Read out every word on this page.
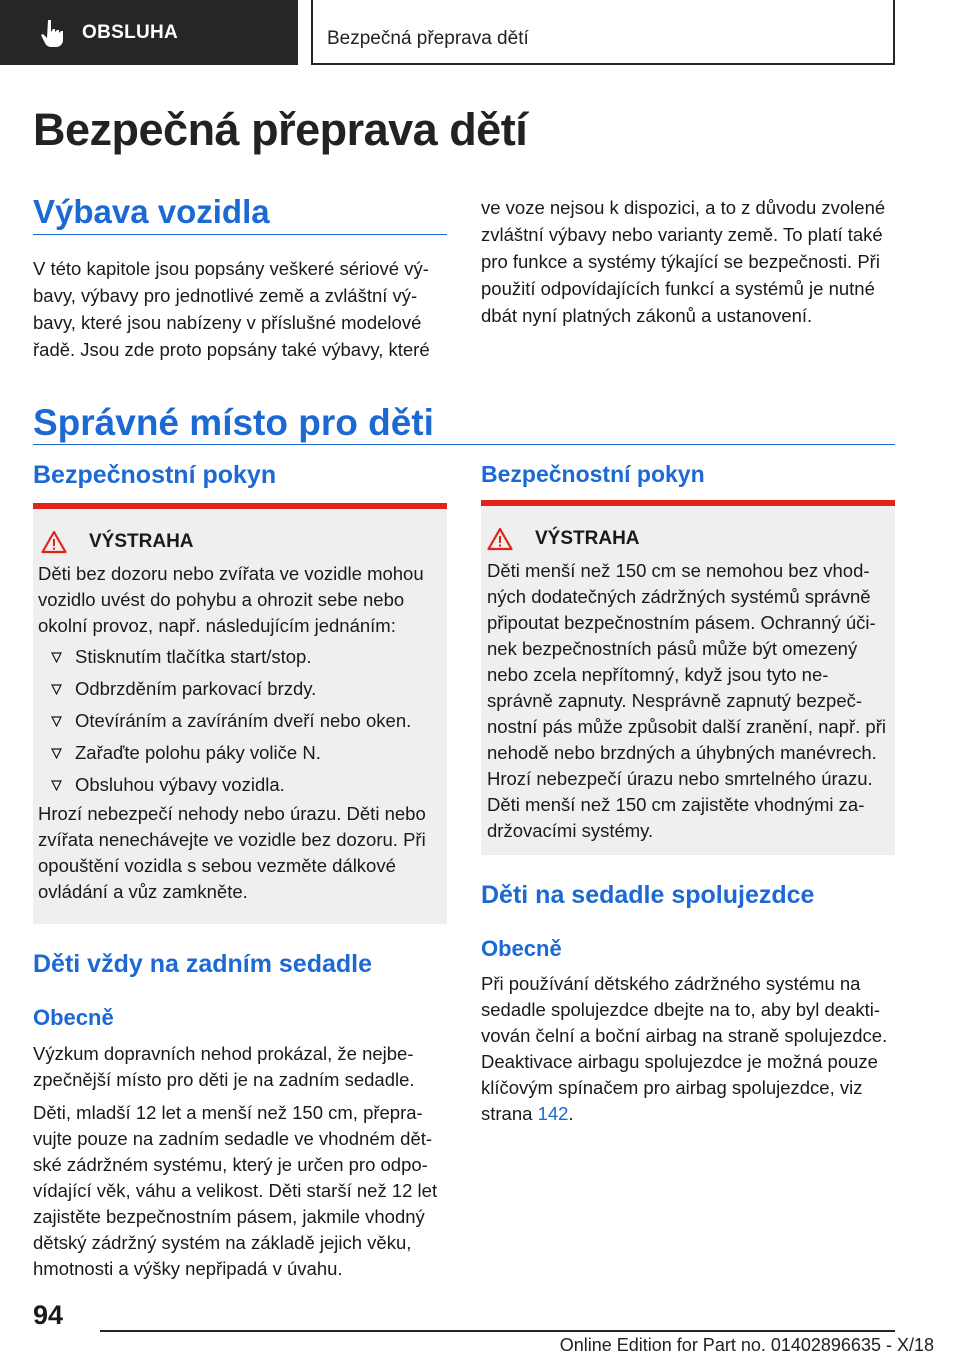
OBSLUHA	Bezpečná přeprava dětí
Bezpečná přeprava dětí
Výbava vozidla
V této kapitole jsou popsány veškeré sériové vý-bavy, výbavy pro jednotlivé země a zvláštní vý-bavy, které jsou nabízeny v příslušné modelové řadě. Jsou zde proto popsány také výbavy, které
ve voze nejsou k dispozici, a to z důvodu zvolené zvláštní výbavy nebo varianty země. To platí také pro funkce a systémy týkající se bezpečnosti. Při použití odpovídajících funkcí a systémů je nutné dbát nyní platných zákonů a ustanovení.
Správné místo pro děti
Bezpečnostní pokyn
VÝSTRAHA
Děti bez dozoru nebo zvířata ve vozidle mohou vozidlo uvést do pohybu a ohrozit sebe nebo okolní provoz, např. následujícím jednáním:
Stisknutím tlačítka start/stop.
Odbrzděním parkovací brzdy.
Otevíráním a zavíráním dveří nebo oken.
Zařaďte polohu páky voliče N.
Obsluhou výbavy vozidla.
Hrozí nebezpečí nehody nebo úrazu. Děti nebo zvířata nenechávejte ve vozidle bez dozoru. Při opouštění vozidla s sebou vezměte dálkové ovládání a vůz zamkněte.
Děti vždy na zadním sedadle
Obecně
Výzkum dopravních nehod prokázal, že nejbe-zpečnější místo pro děti je na zadním sedadle.
Děti, mladší 12 let a menší než 150 cm, přepra-vujte pouze na zadním sedadle ve vhodném dět-ské zádržném systému, který je určen pro odpo-vídající věk, váhu a velikost. Děti starší než 12 let zajistěte bezpečnostním pásem, jakmile vhodný dětský zádržný systém na základě jejich věku, hmotnosti a výšky nepřipadá v úvahu.
Bezpečnostní pokyn
VÝSTRAHA
Děti menší než 150 cm se nemohou bez vhod-ných dodatečných zádržných systémů správně připoutat bezpečnostním pásem. Ochranný úči-nek bezpečnostních pásů může být omezený nebo zcela nepřítomný, když jsou tyto ne-správně zapnuty. Nesprávně zapnutý bezpeč-nostní pás může způsobit další zranění, např. při nehodě nebo brzdných a úhybných manévrech. Hrozí nebezpečí úrazu nebo smrtelného úrazu. Děti menší než 150 cm zajistěte vhodnými za-držovacími systémy.
Děti na sedadle spolujezdce
Obecně
Při používání dětského zádržného systému na sedadle spolujezdce dbejte na to, aby byl deakti-vován čelní a boční airbag na straně spolujezdce. Deaktivace airbagu spolujezdce je možná pouze klíčovým spínačem pro airbag spolujezdce, viz strana 142.
94
Online Edition for Part no. 01402896635 - X/18
